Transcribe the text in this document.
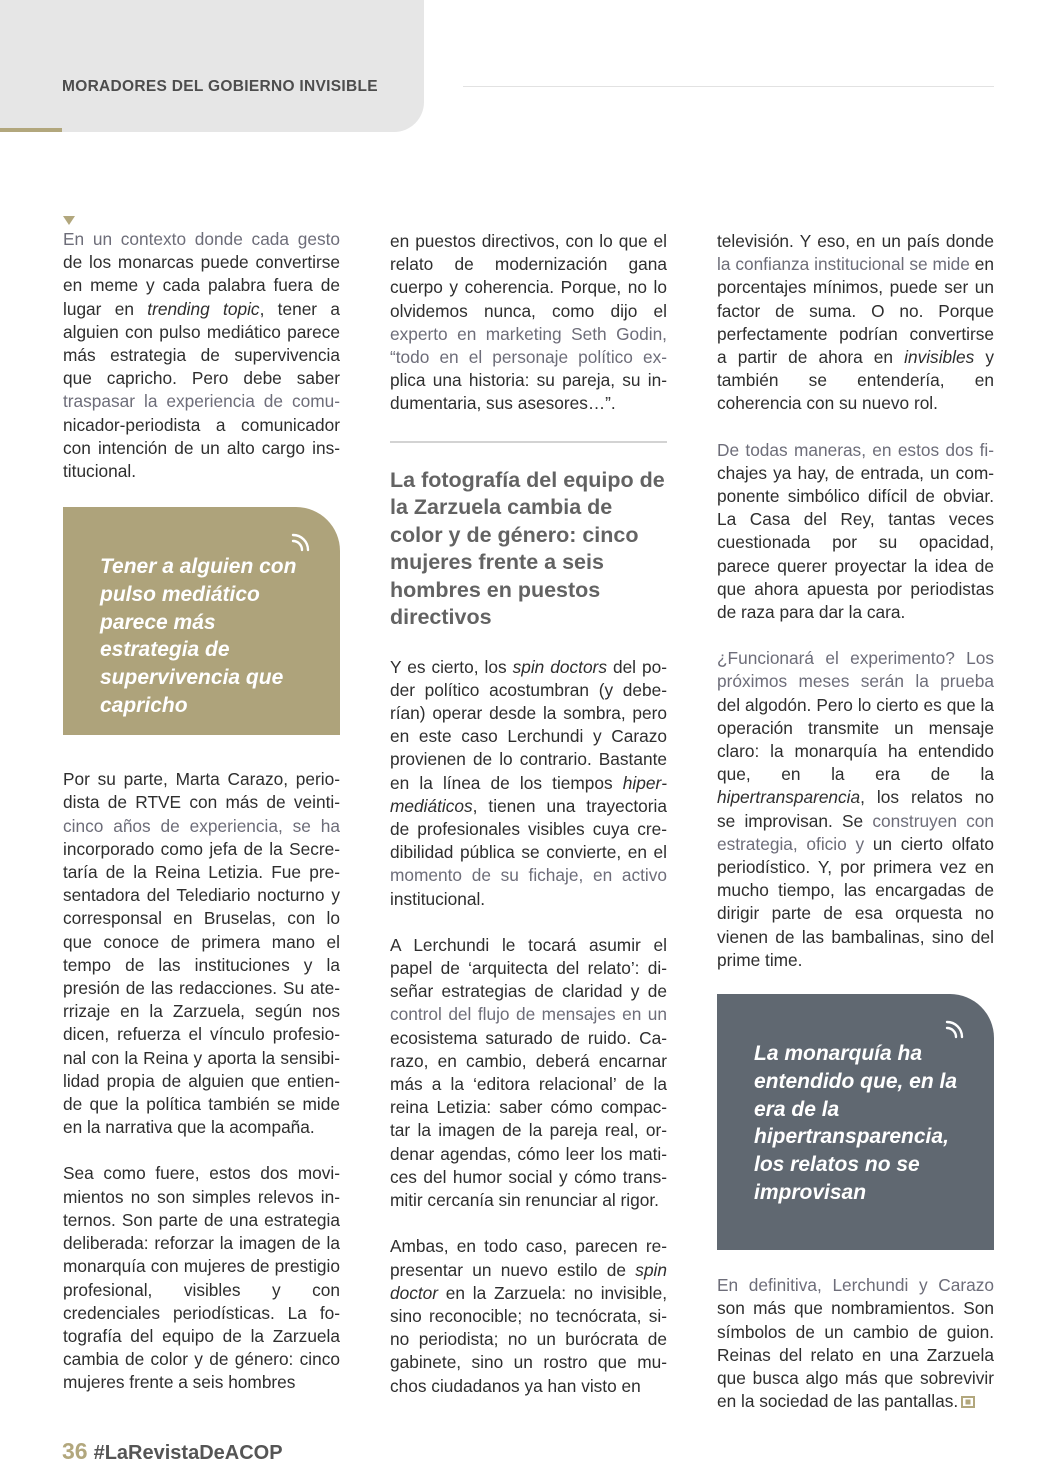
MORADORES DEL GOBIERNO INVISIBLE

En un contexto donde cada gesto de los monarcas puede convertirse en meme y cada palabra fuera de lugar en trending topic, tener a alguien con pulso mediático parece más estrategia de supervivencia que capricho. Pero debe saber traspasar la experiencia de comunicador-periodista a comunicador con intención de un alto cargo institucional.

Tener a alguien con pulso mediático parece más estrategia de supervivencia que capricho

Por su parte, Marta Carazo, periodista de RTVE con más de veinticinco años de experiencia, se ha incorporado como jefa de la Secretaría de la Reina Letizia. Fue presentadora del Telediario nocturno y corresponsal en Bruselas, con lo que conoce de primera mano el tempo de las instituciones y la presión de las redacciones. Su aterrizaje en la Zarzuela, según nos dicen, refuerza el vínculo profesional con la Reina y aporta la sensibilidad propia de alguien que entiende que la política también se mide en la narrativa que la acompaña.

Sea como fuere, estos dos movimientos no son simples relevos internos. Son parte de una estrategia deliberada: reforzar la imagen de la monarquía con mujeres de prestigio profesional, visibles y con credenciales periodísticas. La fotografía del equipo de la Zarzuela cambia de color y de género: cinco mujeres frente a seis hombres

en puestos directivos, con lo que el relato de modernización gana cuerpo y coherencia. Porque, no lo olvidemos nunca, como dijo el experto en marketing Seth Godin, “todo en el personaje político explica una historia: su pareja, su indumentaria, sus asesores…”.

La fotografía del equipo de la Zarzuela cambia de color y de género: cinco mujeres frente a seis hombres en puestos directivos

Y es cierto, los spin doctors del poder político acostumbran (y deberían) operar desde la sombra, pero en este caso Lerchundi y Carazo provienen de lo contrario. Bastante en la línea de los tiempos hipermediáticos, tienen una trayectoria de profesionales visibles cuya credibilidad pública se convierte, en el momento de su fichaje, en activo institucional.

A Lerchundi le tocará asumir el papel de ‘arquitecta del relato’: diseñar estrategias de claridad y de control del flujo de mensajes en un ecosistema saturado de ruido. Carazo, en cambio, deberá encarnar más a la ‘editora relacional’ de la reina Letizia: saber cómo compactar la imagen de la pareja real, ordenar agendas, cómo leer los matices del humor social y cómo transmitir cercanía sin renunciar al rigor.

Ambas, en todo caso, parecen representar un nuevo estilo de spin doctor en la Zarzuela: no invisible, sino reconocible; no tecnócrata, sino periodista; no un burócrata de gabinete, sino un rostro que muchos ciudadanos ya han visto en

televisión. Y eso, en un país donde la confianza institucional se mide en porcentajes mínimos, puede ser un factor de suma. O no. Porque perfectamente podrían convertirse a partir de ahora en invisibles y también se entendería, en coherencia con su nuevo rol.

De todas maneras, en estos dos fichajes ya hay, de entrada, un componente simbólico difícil de obviar. La Casa del Rey, tantas veces cuestionada por su opacidad, parece querer proyectar la idea de que ahora apuesta por periodistas de raza para dar la cara.

¿Funcionará el experimento? Los próximos meses serán la prueba del algodón. Pero lo cierto es que la operación transmite un mensaje claro: la monarquía ha entendido que, en la era de la hipertransparencia, los relatos no se improvisan. Se construyen con estrategia, oficio y un cierto olfato periodístico. Y, por primera vez en mucho tiempo, las encargadas de dirigir parte de esa orquesta no vienen de las bambalinas, sino del prime time.

La monarquía ha entendido que, en la era de la hipertransparencia, los relatos no se improvisan

En definitiva, Lerchundi y Carazo son más que nombramientos. Son símbolos de un cambio de guion. Reinas del relato en una Zarzuela que busca algo más que sobrevivir en la sociedad de las pantallas.

36 #LaRevistaDeACOP
